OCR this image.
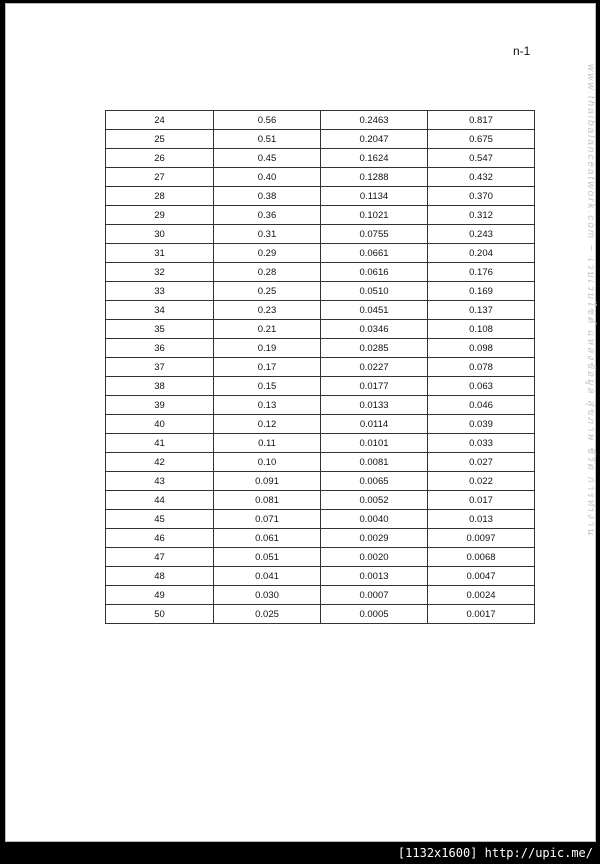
n-1
www.thaibalanceatwork.com ~ เวบเวบไซต์ แหล่งข้อมูล สุขภาพ ชีวิต การทำงาน
24	0.56	0.2463	0.817
25	0.51	0.2047	0.675
26	0.45	0.1624	0.547
27	0.40	0.1288	0.432
28	0.38	0.1134	0.370
29	0.36	0.1021	0.312
30	0.31	0.0755	0.243
31	0.29	0.0661	0.204
32	0.28	0.0616	0.176
33	0.25	0.0510	0.169
34	0.23	0.0451	0.137
35	0.21	0.0346	0.108
36	0.19	0.0285	0.098
37	0.17	0.0227	0.078
38	0.15	0.0177	0.063
39	0.13	0.0133	0.046
40	0.12	0.0114	0.039
41	0.11	0.0101	0.033
42	0.10	0.0081	0.027
43	0.091	0.0065	0.022
44	0.081	0.0052	0.017
45	0.071	0.0040	0.013
46	0.061	0.0029	0.0097
47	0.051	0.0020	0.0068
48	0.041	0.0013	0.0047
49	0.030	0.0007	0.0024
50	0.025	0.0005	0.0017
[1132x1600] http://upic.me/
